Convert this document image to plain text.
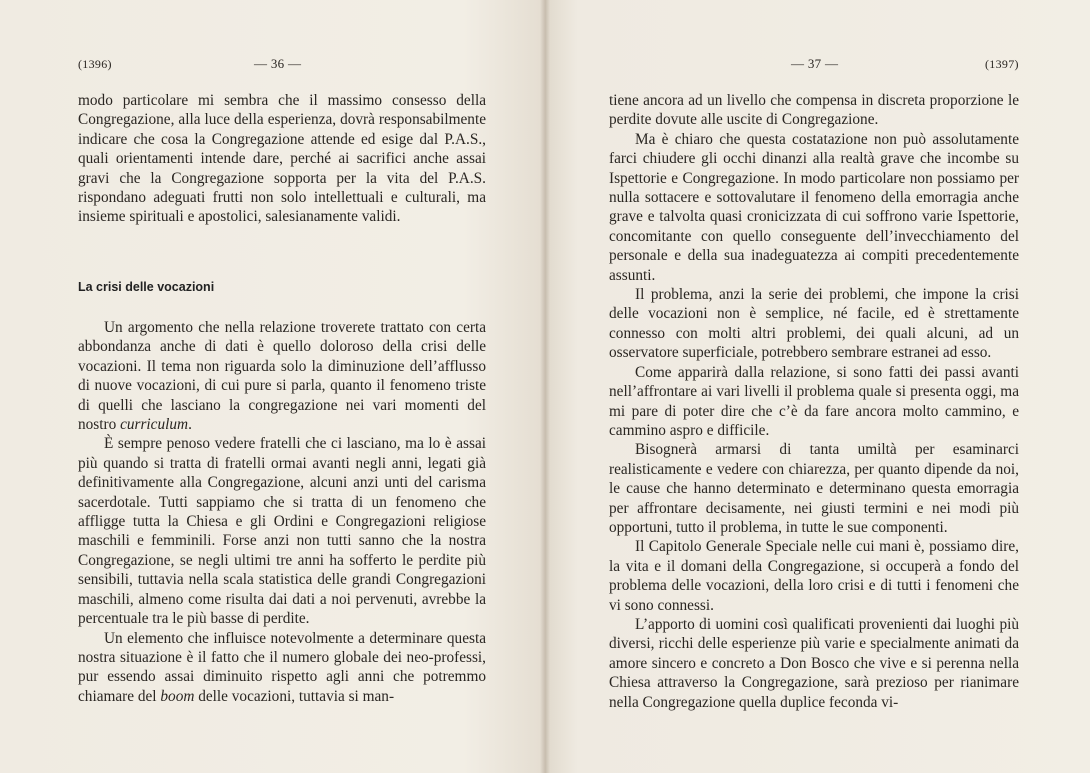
(1396)	— 36 —

modo particolare mi sembra che il massimo consesso della Congregazione, alla luce della esperienza, dovrà responsabilmente indicare che cosa la Congregazione attende ed esige dal P.A.S., quali orientamenti intende dare, perché ai sacrifici anche assai gravi che la Congregazione sopporta per la vita del P.A.S. rispondano adeguati frutti non solo intellettuali e culturali, ma insieme spirituali e apostolici, salesianamente validi.

La crisi delle vocazioni

Un argomento che nella relazione troverete trattato con certa abbondanza anche di dati è quello doloroso della crisi delle vocazioni. Il tema non riguarda solo la diminuzione dell’afflusso di nuove vocazioni, di cui pure si parla, quanto il fenomeno triste di quelli che lasciano la congregazione nei vari momenti del nostro curriculum.

È sempre penoso vedere fratelli che ci lasciano, ma lo è assai più quando si tratta di fratelli ormai avanti negli anni, legati già definitivamente alla Congregazione, alcuni anzi unti del carisma sacerdotale. Tutti sappiamo che si tratta di un fenomeno che affligge tutta la Chiesa e gli Ordini e Congregazioni religiose maschili e femminili. Forse anzi non tutti sanno che la nostra Congregazione, se negli ultimi tre anni ha sofferto le perdite più sensibili, tuttavia nella scala statistica delle grandi Congregazioni maschili, almeno come risulta dai dati a noi pervenuti, avrebbe la percentuale tra le più basse di perdite.

Un elemento che influisce notevolmente a determinare questa nostra situazione è il fatto che il numero globale dei neo-professi, pur essendo assai diminuito rispetto agli anni che potremmo chiamare del boom delle vocazioni, tuttavia si man-

— 37 —	(1397)

tiene ancora ad un livello che compensa in discreta proporzione le perdite dovute alle uscite di Congregazione.

Ma è chiaro che questa costatazione non può assolutamente farci chiudere gli occhi dinanzi alla realtà grave che incombe su Ispettorie e Congregazione. In modo particolare non possiamo per nulla sottacere e sottovalutare il fenomeno della emorragia anche grave e talvolta quasi cronicizzata di cui soffrono varie Ispettorie, concomitante con quello conseguente dell’invecchiamento del personale e della sua inadeguatezza ai compiti precedentemente assunti.

Il problema, anzi la serie dei problemi, che impone la crisi delle vocazioni non è semplice, né facile, ed è strettamente connesso con molti altri problemi, dei quali alcuni, ad un osservatore superficiale, potrebbero sembrare estranei ad esso.

Come apparirà dalla relazione, si sono fatti dei passi avanti nell’affrontare ai vari livelli il problema quale si presenta oggi, ma mi pare di poter dire che c’è da fare ancora molto cammino, e cammino aspro e difficile.

Bisognerà armarsi di tanta umiltà per esaminarci realisticamente e vedere con chiarezza, per quanto dipende da noi, le cause che hanno determinato e determinano questa emorragia per affrontare decisamente, nei giusti termini e nei modi più opportuni, tutto il problema, in tutte le sue componenti.

Il Capitolo Generale Speciale nelle cui mani è, possiamo dire, la vita e il domani della Congregazione, si occuperà a fondo del problema delle vocazioni, della loro crisi e di tutti i fenomeni che vi sono connessi.

L’apporto di uomini così qualificati provenienti dai luoghi più diversi, ricchi delle esperienze più varie e specialmente animati da amore sincero e concreto a Don Bosco che vive e si perenna nella Chiesa attraverso la Congregazione, sarà prezioso per rianimare nella Congregazione quella duplice feconda vi-
